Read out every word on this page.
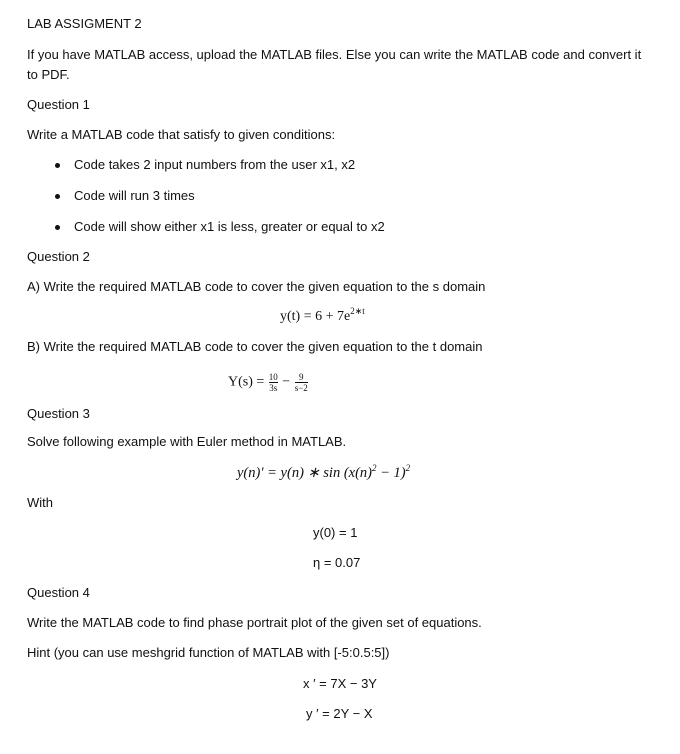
LAB ASSIGMENT 2
If you have MATLAB access, upload the MATLAB files. Else you can write the MATLAB code and convert it
to PDF.
Question 1
Write a MATLAB code that satisfy to given conditions:
Code takes 2 input numbers from the user x1, x2
Code will run 3 times
Code will show either x1 is less, greater or equal to x2
Question 2
A) Write the required MATLAB code to cover the given equation to the s domain
$y(t) = 6 + 7e^{2∗t}$
B) Write the required MATLAB code to cover the given equation to the t domain
$Y(s) = \frac{10}{3s} - \frac{9}{s-2}$
Question 3
Solve following example with Euler method in MATLAB.
y(n)′ = y(n) ∗ $\sin (x(n)^2 - 1)^2$
With
y(0) = 1
η = 0.07
Question 4
Write the MATLAB code to find phase portrait plot of the given set of equations.
Hint (you can use meshgrid function of MATLAB with [-5:0.5:5])
x ′ = 7X − 3Y
y ′ = 2Y − X
